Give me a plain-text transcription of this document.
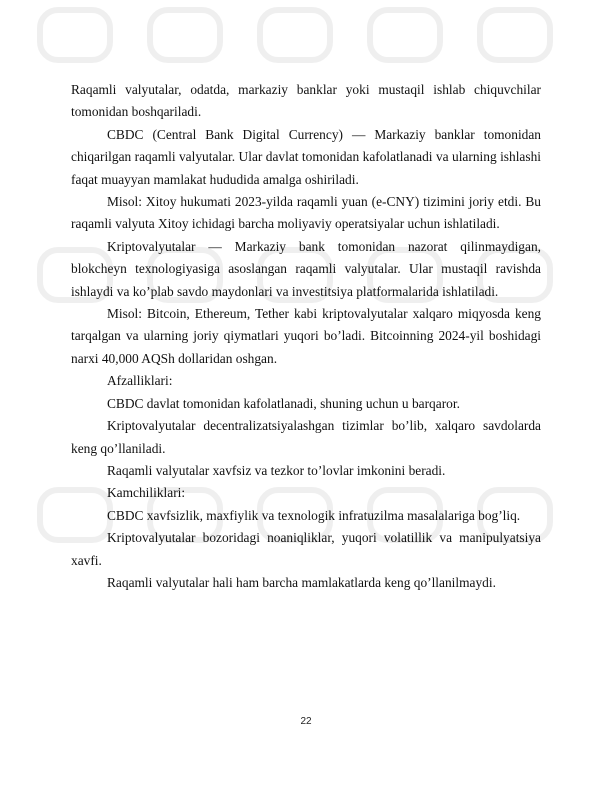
Raqamli valyutalar, odatda, markaziy banklar yoki mustaqil ishlab chiquvchilar tomonidan boshqariladi.

CBDC (Central Bank Digital Currency) — Markaziy banklar tomonidan chiqarilgan raqamli valyutalar. Ular davlat tomonidan kafolatlanadi va ularning ishlashi faqat muayyan mamlakat hududida amalga oshiriladi.

Misol: Xitoy hukumati 2023-yilda raqamli yuan (e-CNY) tizimini joriy etdi. Bu raqamli valyuta Xitoy ichidagi barcha moliyaviy operatsiyalar uchun ishlatiladi.

Kriptovalyutalar — Markaziy bank tomonidan nazorat qilinmaydigan, blokcheyn texnologiyasiga asoslangan raqamli valyutalar. Ular mustaqil ravishda ishlaydi va ko’plab savdo maydonlari va investitsiya platformalarida ishlatiladi.

Misol: Bitcoin, Ethereum, Tether kabi kriptovalyutalar xalqaro miqyosda keng tarqalgan va ularning joriy qiymatlari yuqori bo’ladi. Bitcoinning 2024-yil boshidagi narxi 40,000 AQSh dollaridan oshgan.

Afzalliklari:

CBDC davlat tomonidan kafolatlanadi, shuning uchun u barqaror.

Kriptovalyutalar decentralizatsiyalashgan tizimlar bo’lib, xalqaro savdolarda keng qo’llaniladi.

Raqamli valyutalar xavfsiz va tezkor to’lovlar imkonini beradi.

Kamchiliklari:

CBDC xavfsizlik, maxfiylik va texnologik infratuzilma masalalariga bog’liq.

Kriptovalyutalar bozoridagi noaniqliklar, yuqori volatillik va manipulyatsiya xavfi.

Raqamli valyutalar hali ham barcha mamlakatlarda keng qo’llanilmaydi.

22
